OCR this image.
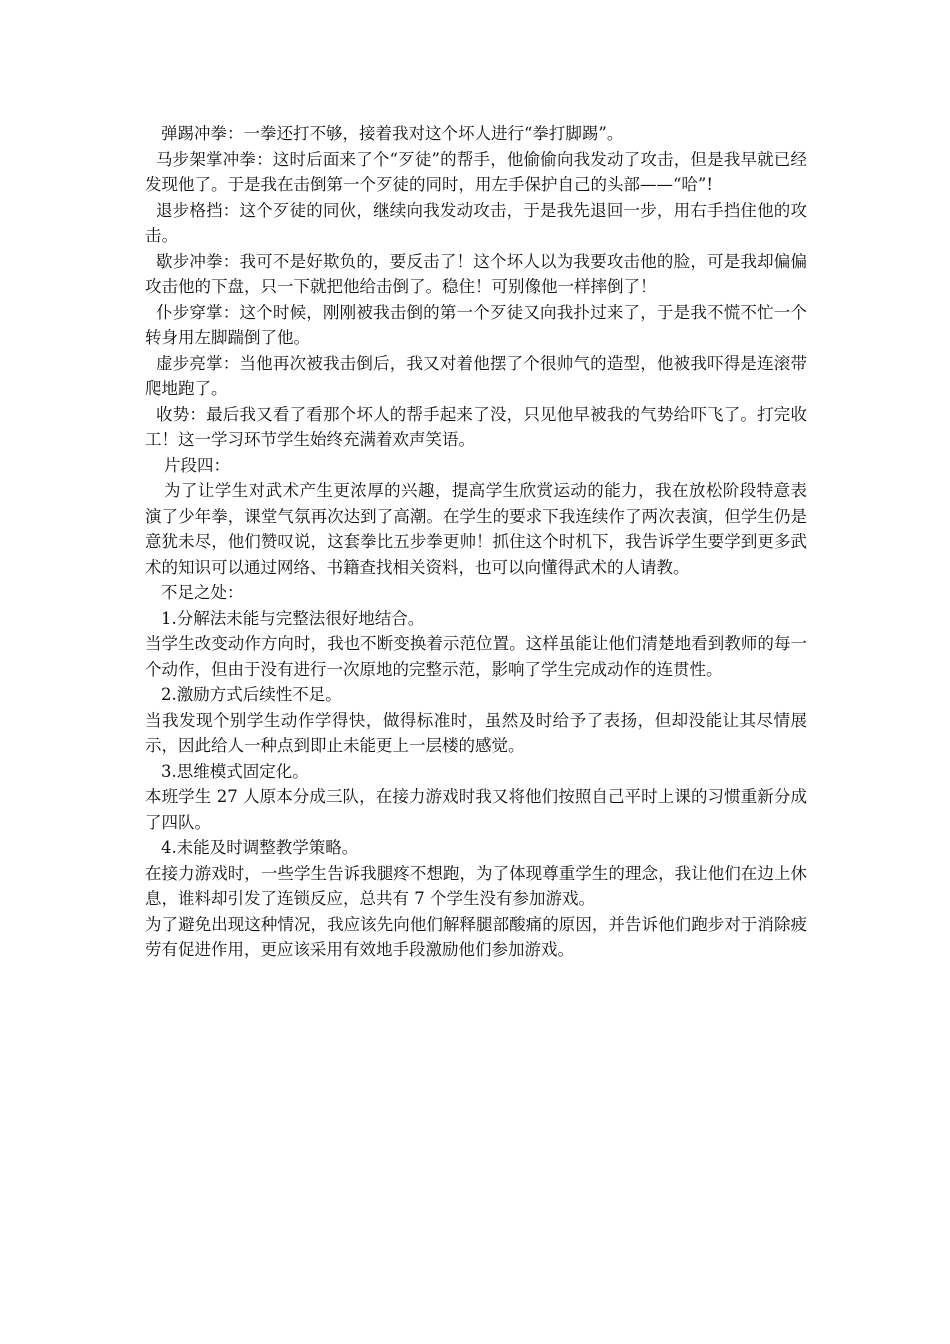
弹踢冲拳：一拳还打不够，接着我对这个坏人进行“拳打脚踢”。

马步架掌冲拳：这时后面来了个“歹徒”的帮手，他偷偷向我发动了攻击，但是我早就已经发现他了。于是我在击倒第一个歹徒的同时，用左手保护自己的头部——“哈”!

退步格挡：这个歹徒的同伙，继续向我发动攻击，于是我先退回一步，用右手挡住他的攻击。

歇步冲拳：我可不是好欺负的，要反击了！这个坏人以为我要攻击他的脸，可是我却偏偏攻击他的下盘，只一下就把他给击倒了。稳住！可别像他一样摔倒了！

仆步穿掌：这个时候，刚刚被我击倒的第一个歹徒又向我扑过来了，于是我不慌不忙一个转身用左脚踹倒了他。

虚步亮掌：当他再次被我击倒后，我又对着他摆了个很帅气的造型，他被我吓得是连滚带爬地跑了。

收势：最后我又看了看那个坏人的帮手起来了没，只见他早被我的气势给吓飞了。打完收工！这一学习环节学生始终充满着欢声笑语。

片段四：

为了让学生对武术产生更浓厚的兴趣，提高学生欣赏运动的能力，我在放松阶段特意表演了少年拳，课堂气氛再次达到了高潮。在学生的要求下我连续作了两次表演，但学生仍是意犹未尽，他们赞叹说，这套拳比五步拳更帅！抓住这个时机下，我告诉学生要学到更多武术的知识可以通过网络、书籍查找相关资料，也可以向懂得武术的人请教。

不足之处：

1.分解法未能与完整法很好地结合。

当学生改变动作方向时，我也不断变换着示范位置。这样虽能让他们清楚地看到教师的每一个动作，但由于没有进行一次原地的完整示范，影响了学生完成动作的连贯性。

2.激励方式后续性不足。

当我发现个别学生动作学得快，做得标准时，虽然及时给予了表扬，但却没能让其尽情展示，因此给人一种点到即止未能更上一层楼的感觉。

3.思维模式固定化。

本班学生 27 人原本分成三队，在接力游戏时我又将他们按照自己平时上课的习惯重新分成了四队。

4.未能及时调整教学策略。

在接力游戏时，一些学生告诉我腿疼不想跑，为了体现尊重学生的理念，我让他们在边上休息，谁料却引发了连锁反应，总共有 7 个学生没有参加游戏。

为了避免出现这种情况，我应该先向他们解释腿部酸痛的原因，并告诉他们跑步对于消除疲劳有促进作用，更应该采用有效地手段激励他们参加游戏。
